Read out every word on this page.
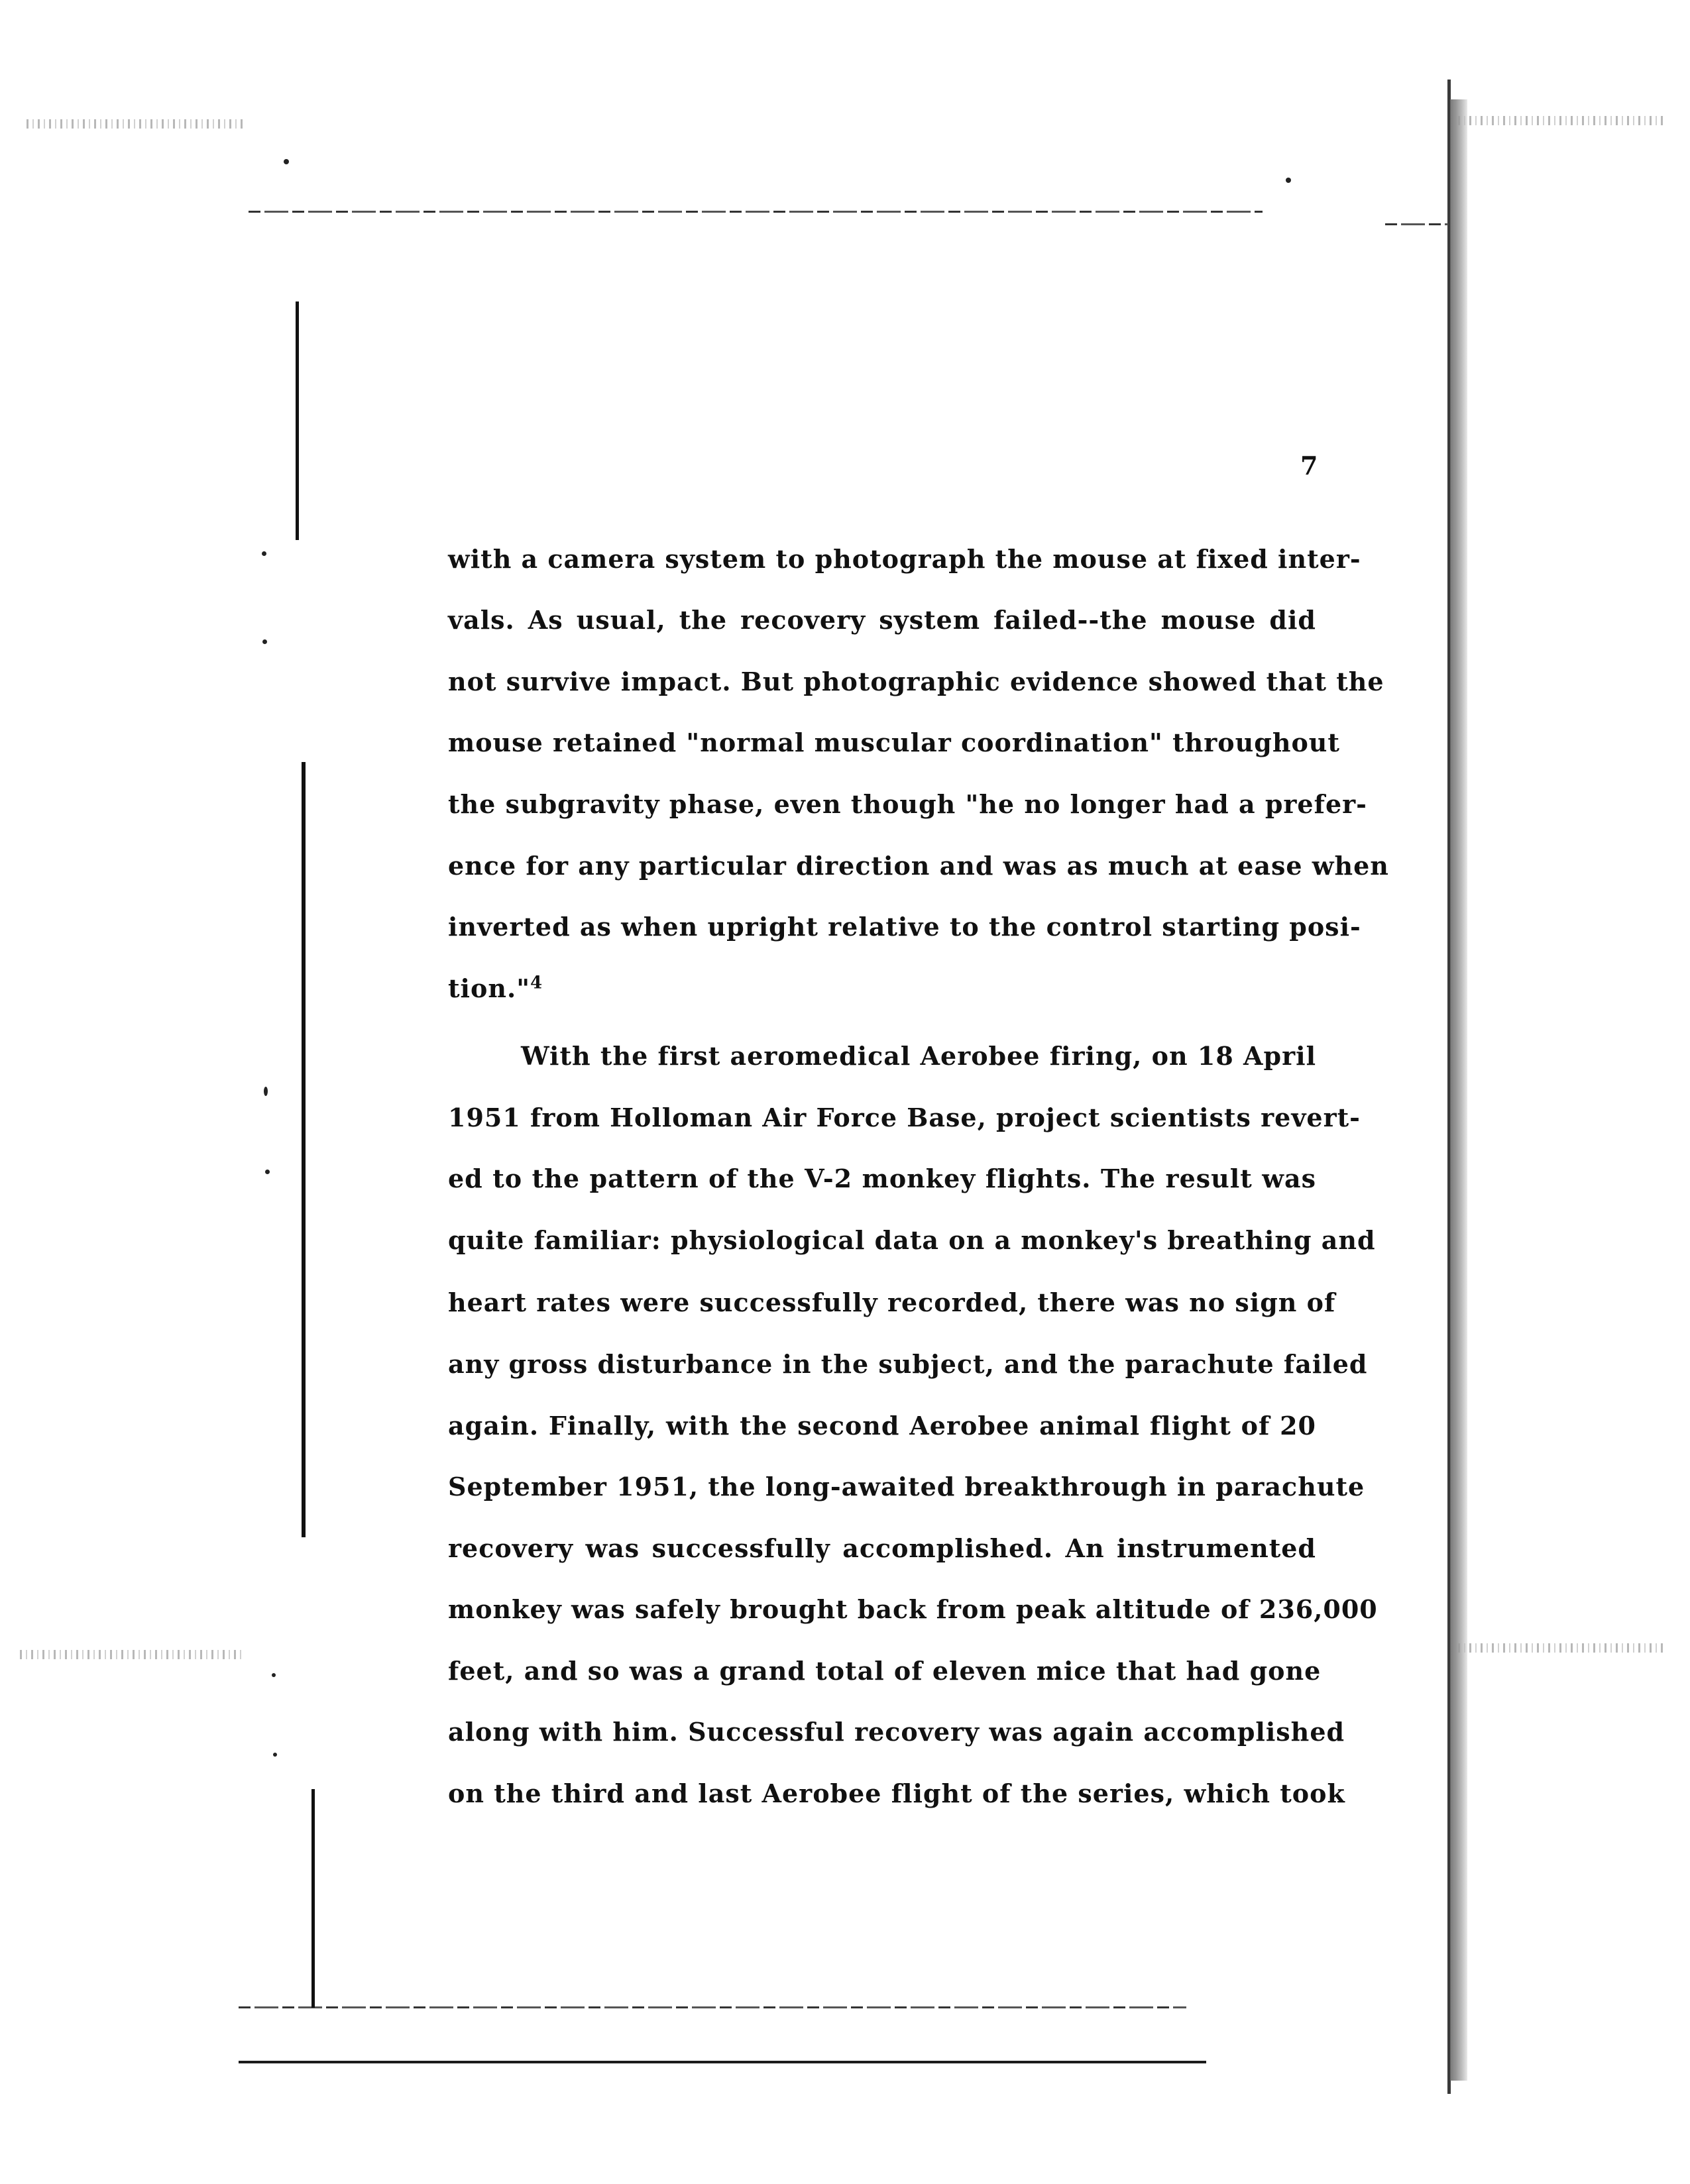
7
with a camera system to photograph the mouse at fixed inter-
vals. As usual, the recovery system failed--the mouse did
not survive impact. But photographic evidence showed that the
mouse retained "normal muscular coordination" throughout
the subgravity phase, even though "he no longer had a prefer-
ence for any particular direction and was as much at ease when
inverted as when upright relative to the control starting posi-
tion."$^4$
With the first aeromedical Aerobee firing, on 18 April
1951 from Holloman Air Force Base, project scientists revert-
ed to the pattern of the V-2 monkey flights. The result was
quite familiar: physiological data on a monkey's breathing and
heart rates were successfully recorded, there was no sign of
any gross disturbance in the subject, and the parachute failed
again. Finally, with the second Aerobee animal flight of 20
September 1951, the long-awaited breakthrough in parachute
recovery was successfully accomplished. An instrumented
monkey was safely brought back from peak altitude of 236,000
feet, and so was a grand total of eleven mice that had gone
along with him. Successful recovery was again accomplished
on the third and last Aerobee flight of the series, which took
